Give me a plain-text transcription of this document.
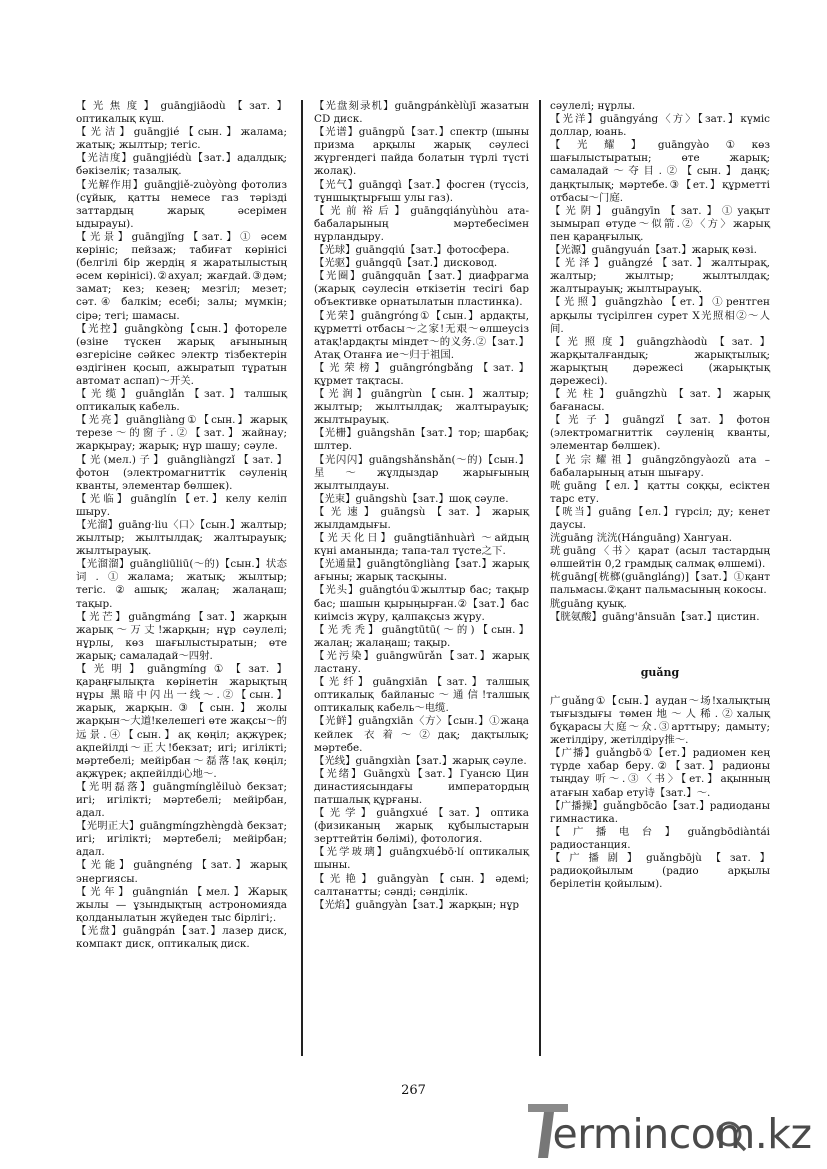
【光焦度】guāngjiāodù【зат.】оптикалық күш.

【光洁】guāngjié【сын.】жалама; жатық; жылтыр; тегіс.

【光洁度】guāngjiédù【зат.】адалдық; бәкізелік; тазалық.

【光解作用】guāngjiě-zuòyòng фотолиз (сұйық, қатты немесе газ тәрізді заттардың жарық әсерімен ыдырауы).

【光景】guāngjǐng【зат.】① әсем көрініс; пейзаж; табиғат көрінісі (белгілі бір жердің я жаратылыстың әсем көрінісі).②ахуал; жағдай.③дәм; замат; кез; кезең; мезгіл; мезет; сәт.④ балкім; есебі; залы; мүмкін; сірә; тегі; шамасы.

【光控】guāngkòng【сын.】фотореле (өзіне түскен жарық ағынының өзгерісіне сәйкес электр тізбектерін өздігінен қосып, ажыратып тұратын автомат аспап)～开关.

【光缆】guānglǎn【зат.】талшық оптикалық кабель.

【光亮】guāngliàng①【сын.】жарық терезе～的窗子.②【зат.】жайнау; жарқырау; жарық; нұр шашу; сәуле.

【光(мел.)子】guāngliàngzǐ【зат.】фотон (электромагниттік сәуленің кванты, элементар бөлшек).

【光临】guānglín【ет.】келу келіп шыру.

【光溜】guāng·liu〈口〉【сын.】жалтыр; жылтыр; жылтылдақ; жалтырауық; жылтырауық.

【光溜溜】guāngliūliū(～的)【сын.】状态词.①жалама; жатық; жылтыр; тегіс.②ашық; жалаң; жалаңаш; тақыр.

【光芒】guāngmáng【зат.】жарқын жарық～万丈!жарқын; нұр сәулелі; нұрлы, көз шағылыстыратын; өте жарық; самаладай～四射.

【光明】guāngmíng①【зат.】қараңғылықта көрінетін жарықтың нұры 黑暗中闪出一线～.②【сын.】жарық, жарқын.③【сын.】жолы жарқын～大道!келешегі өте жақсы～的远景.④【сын.】ақ көңіл; ақжүрек; ақпейілді～正大!бекзат; игі; игілікті; мәртебелі; мейірбан～磊落!ақ көңіл; ақжүрек; ақпейілді心地～.

【光明磊落】guāngmínglěiluò бекзат; игі; игілікті; мәртебелі; мейірбан, адал.

【光明正大】guāngmíngzhèngdà бекзат; игі; игілікті; мәртебелі; мейірбан; адал.

【光能】guāngnéng【зат.】жарық энергиясы.

【光年】guāngnián【мел.】Жарық жылы — ұзындықтың астрономияда қолданылатын жүйеден тыс бірлігі;.

【光盘】guāngpán【зат.】лазер диск, компакт диск, оптикалық диск.

【光盘刻录机】guāngpánkèlùjī жазатын CD диск.

【光谱】guāngpǔ【зат.】спектр (шыны призма арқылы жарық сәулесі жүргендегі пайда болатын түрлі түсті жолақ).

【光气】guāngqì【зат.】фосген (түссіз, тұншықтырғыш улы газ).

【光前裕后】guāngqiányùhòu ата-бабаларының мәртебесімен нұрландыру.

【光球】guāngqiú【зат.】фотосфера.

【光驱】guāngqū【зат.】дисковод.

【光圈】guāngquān【зат.】диафрагма (жарық сәулесін өткізетін тесігі бар объективке орнатылатын пластинка).

【光荣】guāngróng①【сын.】ардақты, құрметті отбасы～之家!无艰～өлшеусіз атақ!ардақты міндет～的义务.②【зат.】Атақ Отанға ие～归于祖国.

【光荣榜】guāngróngbǎng【зат.】құрмет тақтасы.

【光润】guāngrùn【сын.】жалтыр; жылтыр; жылтылдақ; жалтырауық; жылтырауық.

【光栅】guāngshān【зат.】тор; шарбақ; шлтер.

【光闪闪】guāngshǎnshǎn(～的)【сын.】星～жұлдыздар жарығының жылтылдауы.

【光束】guāngshù【зат.】шоқ сәуле.

【光速】guāngsù【зат.】жарық жылдамдығы.

【光天化日】guāngtiānhuàrì ～айдың күні аманында; тапа-тал түсте之下.

【光通量】guāngtōngliàng【зат.】жарық ағыны; жарық тасқыны.

【光头】guāngtóu①жылтыр бас; тақыр бас; шашын қырыңырған.②【зат.】бас киімсіз жүру, қалпақсыз жүру.

【光秃秃】guāngtūtū(～的)【сын.】жалаң; жалаңаш; тақыр.

【光污染】guāngwūrǎn【зат.】жарық ластану.

【光纤】guāngxiān【зат.】талшық оптикалық байланыс～通信!талшық оптикалық кабель～电缆.

【光鲜】guāngxiān〈方〉【сын.】①жаңа кейлек 衣着～②дақ; дақтылық; мәртебе.

【光线】guāngxiàn【зат.】жарық сәуле.

【光绪】Guāngxù【зат.】Гуансю Цин династиясындағы императордың патшалық құрғаны.

【光学】guāngxué【зат.】оптика (физиканың жарық құбылыстарын зерттейтін бөлімі), фотология.

【光学玻璃】guāngxuébō·lí оптикалық шыны.

【光艳】guāngyàn【сын.】әдемі; салтанатты; сәнді; сәнділік.

【光焰】guāngyàn【зат.】жарқын; нұр

сәулелі; нұрлы.

【光洋】guāngyáng〈方〉【зат.】күміс доллар, юань.

【光耀】guāngyào①көз шағылыстыратын; өте жарық; самаладай～夺目.②【сын.】даңқ; даңқтылық; мәртебе.③【ет.】құрметті отбасы～门庭.

【光阴】guāngyīn【зат.】①уақыт зымырап өтуде～似箭.②〈方〉жарық пен қараңғылық.

【光源】guāngyuán【зат.】жарық көзі.

【光泽】guāngzé【зат.】жалтырақ, жалтыр; жылтыр; жылтылдақ; жалтырауық; жылтырауық.

【光照】guāngzhào【ет.】①рентген арқылы түсірілген сурет X光照相②～人间.

【光照度】guāngzhàodù【зат.】жарқыталғандық; жарықтылық; жарықтың дәрежесі (жарықтық дәрежесі).

【光柱】guāngzhù【зат.】жарық бағанасы.

【光子】guāngzǐ【зат.】фотон (электромагниттік сәуленің кванты, элементар бөлшек).

【光宗耀祖】guāngzōngyàozǔ ата – бабаларының атын шығару.

咣guāng【ел.】қатты соққы, есіктен тарс ету.

【咣当】guāng【ел.】гүрсіл; ду; кенет даусы.

洸guāng 洸洸(Hánguāng) Хангуан.

珖guāng〈书〉қарат (асыл тастардың өлшейтін 0,2 грамдық салмақ өлшемі).

桄guāng[桄榔(guāngláng)]【зат.】①қант пальмасы.②қант пальмасының кокосы.

胱guāng қуық.

【胱氨酸】guāng'ānsuān【зат.】цистин.

guǎng

广guǎng①【сын.】аудан～场!халықтың тығыздығы төмен地～人稀.②халық бұқарасы大庭～众.③арттыру; дамыту; жетілдіру, жетілдіру推～.

【广播】guǎngbō①【ет.】радиомен кең түрде хабар беру.②【зат.】радионы тыңдау 听～.③〈书〉【ет.】ақынның атағын хабар ету诗【зат.】～.

【广播操】guǎngbōcāo【зат.】радиоданы гимнастика.

【广播电台】guǎngbōdiàntái радиостанция.

【广播剧】guǎngbōjù【зат.】радиоқойылым (радио арқылы берілетін қойылым).

267
ermincom.kz
